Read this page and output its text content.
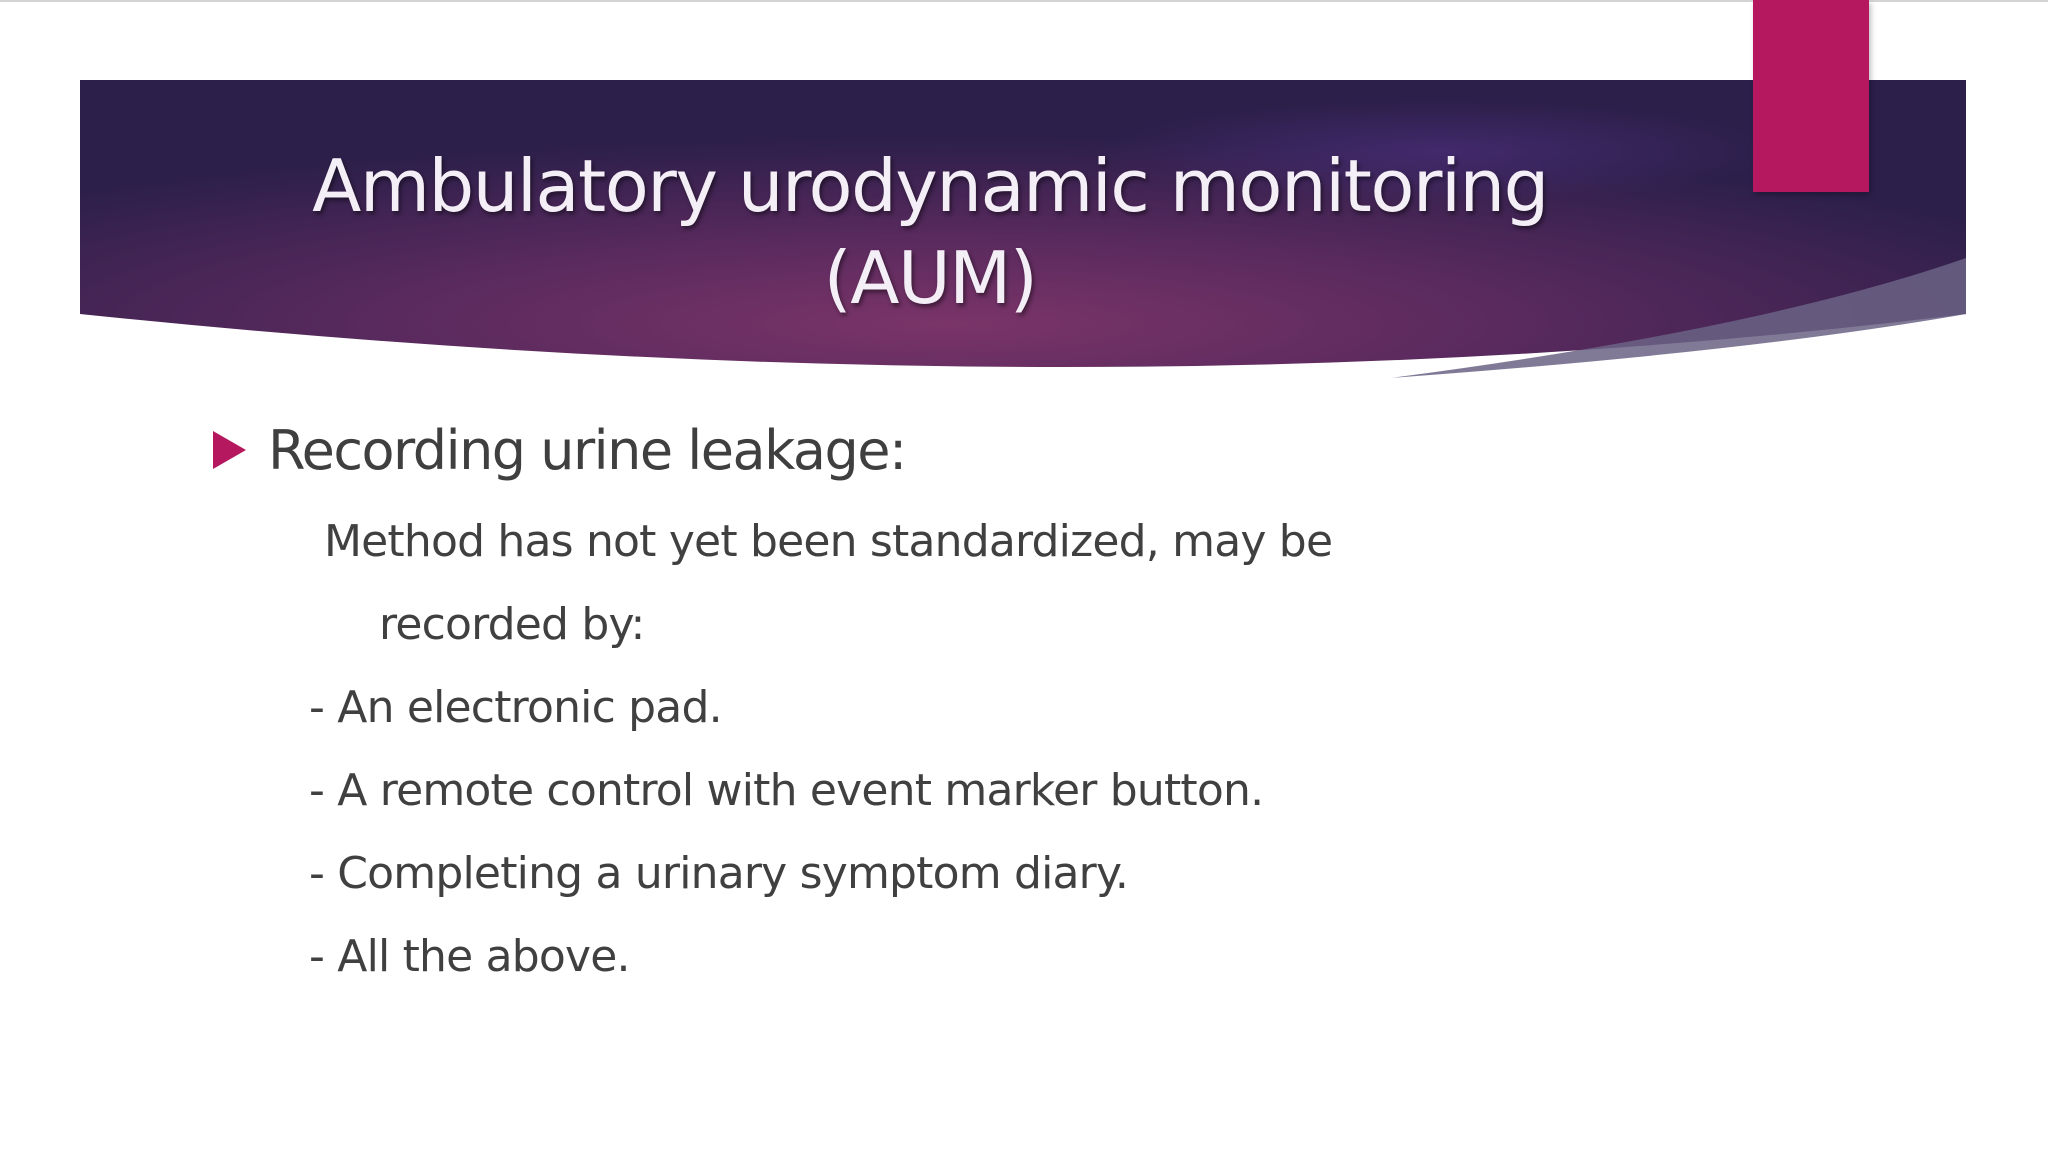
Ambulatory urodynamic monitoring
(AUM)
Recording urine leakage:
Method has not yet been standardized, may be
recorded by:
- An electronic pad.
- A remote control with event marker button.
- Completing a urinary symptom diary.
- All the above.
